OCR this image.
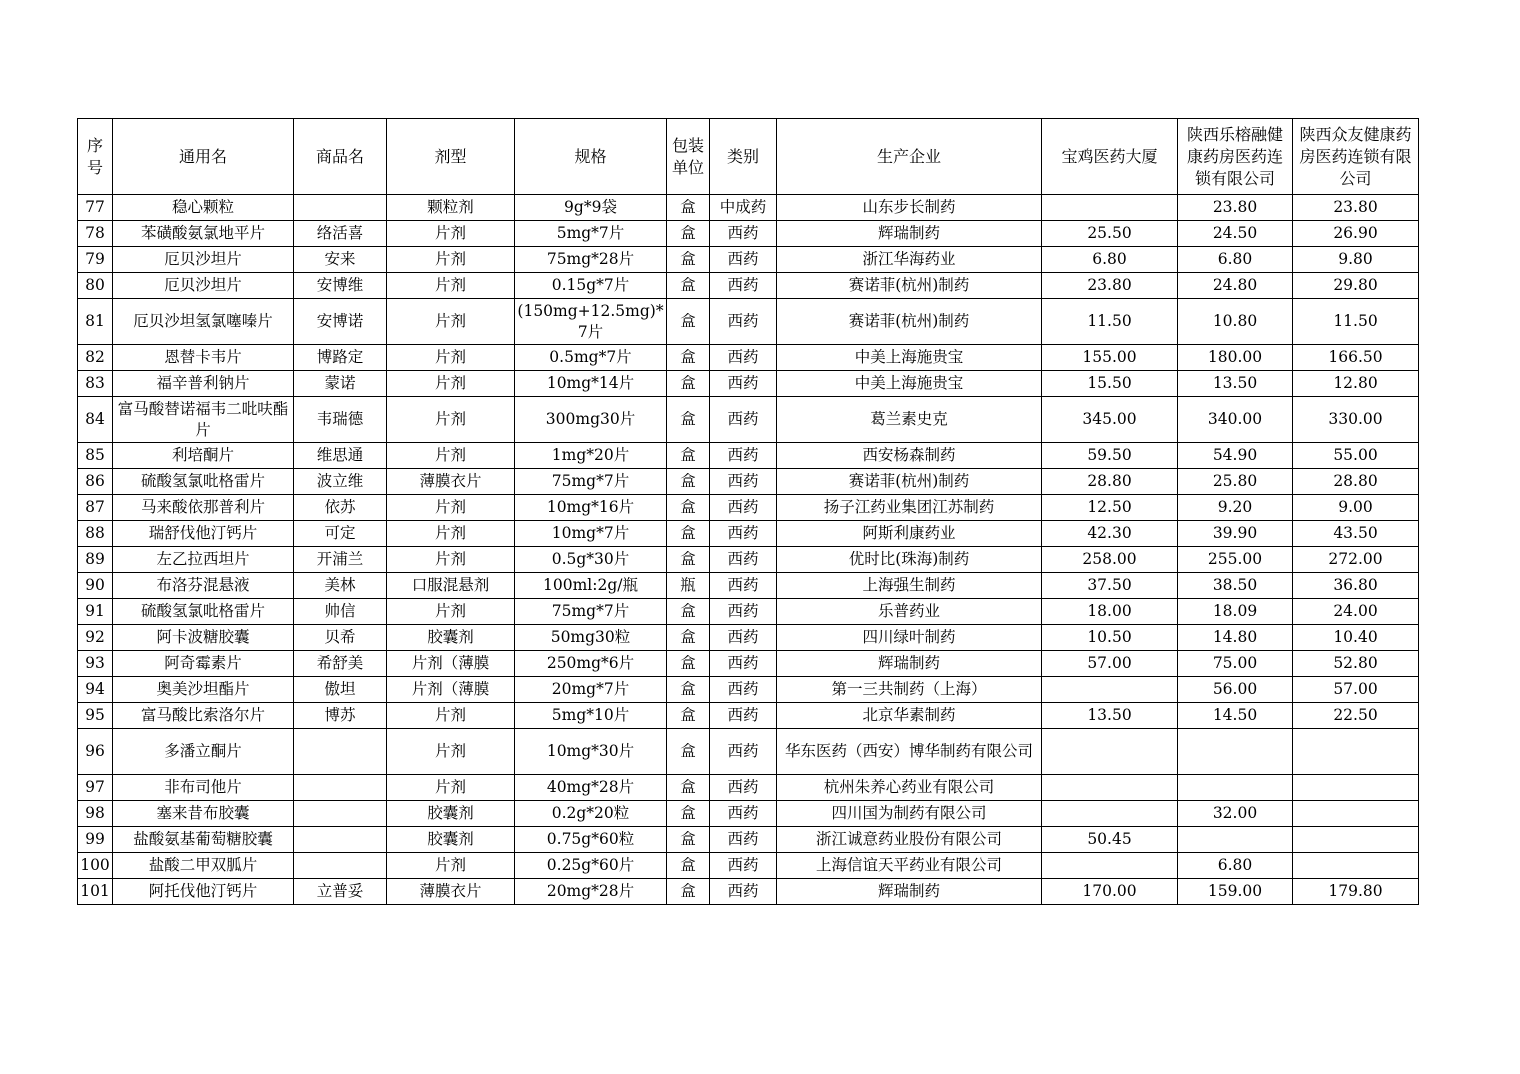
序号	通用名	商品名	剂型	规格	包装单位	类别	生产企业	宝鸡医药大厦	陕西乐榕融健康药房医药连锁有限公司	陕西众友健康药房医药连锁有限公司
77	稳心颗粒		颗粒剂	9g*9袋	盒	中成药	山东步长制药		23.80	23.80
78	苯磺酸氨氯地平片	络活喜	片剂	5mg*7片	盒	西药	辉瑞制药	25.50	24.50	26.90
79	厄贝沙坦片	安来	片剂	75mg*28片	盒	西药	浙江华海药业	6.80	6.80	9.80
80	厄贝沙坦片	安博维	片剂	0.15g*7片	盒	西药	赛诺菲(杭州)制药	23.80	24.80	29.80
81	厄贝沙坦氢氯噻嗪片	安博诺	片剂	(150mg+12.5mg)*7片	盒	西药	赛诺菲(杭州)制药	11.50	10.80	11.50
82	恩替卡韦片	博路定	片剂	0.5mg*7片	盒	西药	中美上海施贵宝	155.00	180.00	166.50
83	福辛普利钠片	蒙诺	片剂	10mg*14片	盒	西药	中美上海施贵宝	15.50	13.50	12.80
84	富马酸替诺福韦二吡呋酯片	韦瑞德	片剂	300mg30片	盒	西药	葛兰素史克	345.00	340.00	330.00
85	利培酮片	维思通	片剂	1mg*20片	盒	西药	西安杨森制药	59.50	54.90	55.00
86	硫酸氢氯吡格雷片	波立维	薄膜衣片	75mg*7片	盒	西药	赛诺菲(杭州)制药	28.80	25.80	28.80
87	马来酸依那普利片	依苏	片剂	10mg*16片	盒	西药	扬子江药业集团江苏制药	12.50	9.20	9.00
88	瑞舒伐他汀钙片	可定	片剂	10mg*7片	盒	西药	阿斯利康药业	42.30	39.90	43.50
89	左乙拉西坦片	开浦兰	片剂	0.5g*30片	盒	西药	优时比(珠海)制药	258.00	255.00	272.00
90	布洛芬混悬液	美林	口服混悬剂	100ml:2g/瓶	瓶	西药	上海强生制药	37.50	38.50	36.80
91	硫酸氢氯吡格雷片	帅信	片剂	75mg*7片	盒	西药	乐普药业	18.00	18.09	24.00
92	阿卡波糖胶囊	贝希	胶囊剂	50mg30粒	盒	西药	四川绿叶制药	10.50	14.80	10.40
93	阿奇霉素片	希舒美	片剂（薄膜	250mg*6片	盒	西药	辉瑞制药	57.00	75.00	52.80
94	奥美沙坦酯片	傲坦	片剂（薄膜	20mg*7片	盒	西药	第一三共制药（上海）		56.00	57.00
95	富马酸比索洛尔片	博苏	片剂	5mg*10片	盒	西药	北京华素制药	13.50	14.50	22.50
96	多潘立酮片		片剂	10mg*30片	盒	西药	华东医药（西安）博华制药有限公司			
97	非布司他片		片剂	40mg*28片	盒	西药	杭州朱养心药业有限公司			
98	塞来昔布胶囊		胶囊剂	0.2g*20粒	盒	西药	四川国为制药有限公司		32.00	
99	盐酸氨基葡萄糖胶囊		胶囊剂	0.75g*60粒	盒	西药	浙江诚意药业股份有限公司	50.45		
100	盐酸二甲双胍片		片剂	0.25g*60片	盒	西药	上海信谊天平药业有限公司		6.80	
101	阿托伐他汀钙片	立普妥	薄膜衣片	20mg*28片	盒	西药	辉瑞制药	170.00	159.00	179.80
